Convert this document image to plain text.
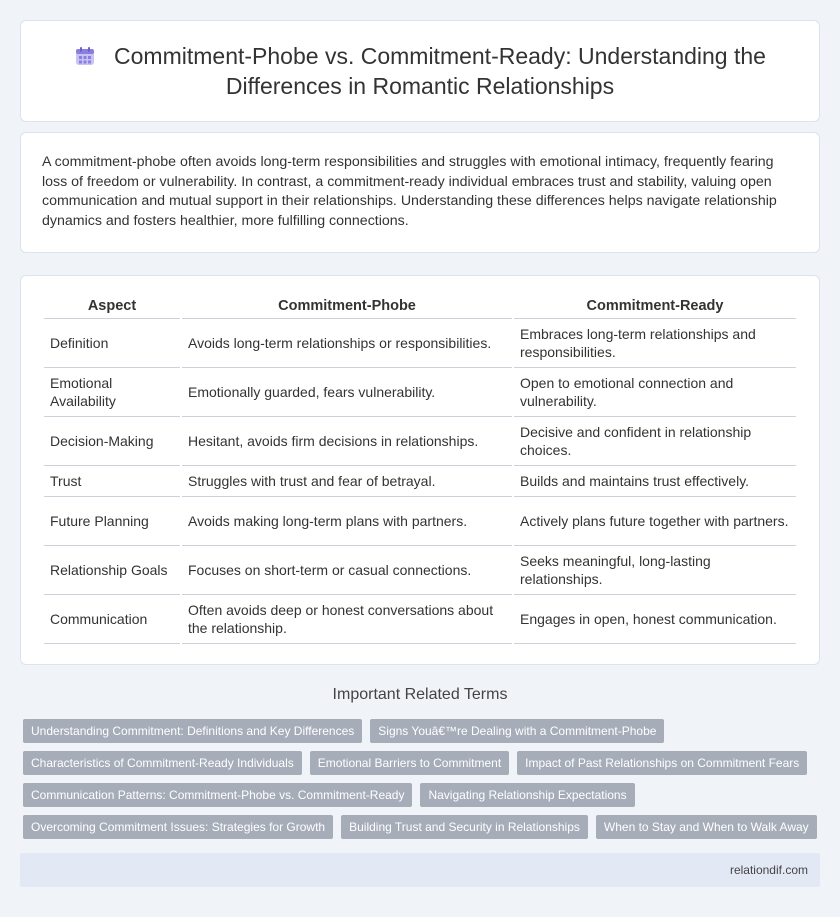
Commitment-Phobe vs. Commitment-Ready: Understanding the Differences in Romantic Relationships

A commitment-phobe often avoids long-term responsibilities and struggles with emotional intimacy, frequently fearing loss of freedom or vulnerability. In contrast, a commitment-ready individual embraces trust and stability, valuing open communication and mutual support in their relationships. Understanding these differences helps navigate relationship dynamics and fosters healthier, more fulfilling connections.

Aspect	Commitment-Phobe	Commitment-Ready
Definition	Avoids long-term relationships or responsibilities.	Embraces long-term relationships and responsibilities.
Emotional Availability	Emotionally guarded, fears vulnerability.	Open to emotional connection and vulnerability.
Decision-Making	Hesitant, avoids firm decisions in relationships.	Decisive and confident in relationship choices.
Trust	Struggles with trust and fear of betrayal.	Builds and maintains trust effectively.
Future Planning	Avoids making long-term plans with partners.	Actively plans future together with partners.
Relationship Goals	Focuses on short-term or casual connections.	Seeks meaningful, long-lasting relationships.
Communication	Often avoids deep or honest conversations about the relationship.	Engages in open, honest communication.
Important Related Terms
Understanding Commitment: Definitions and Key Differences	Signs Youâ€™re Dealing with a Commitment-Phobe
Characteristics of Commitment-Ready Individuals	Emotional Barriers to Commitment	Impact of Past Relationships on Commitment Fears
Communication Patterns: Commitment-Phobe vs. Commitment-Ready	Navigating Relationship Expectations
Overcoming Commitment Issues: Strategies for Growth	Building Trust and Security in Relationships	When to Stay and When to Walk Away
relationdif.com
